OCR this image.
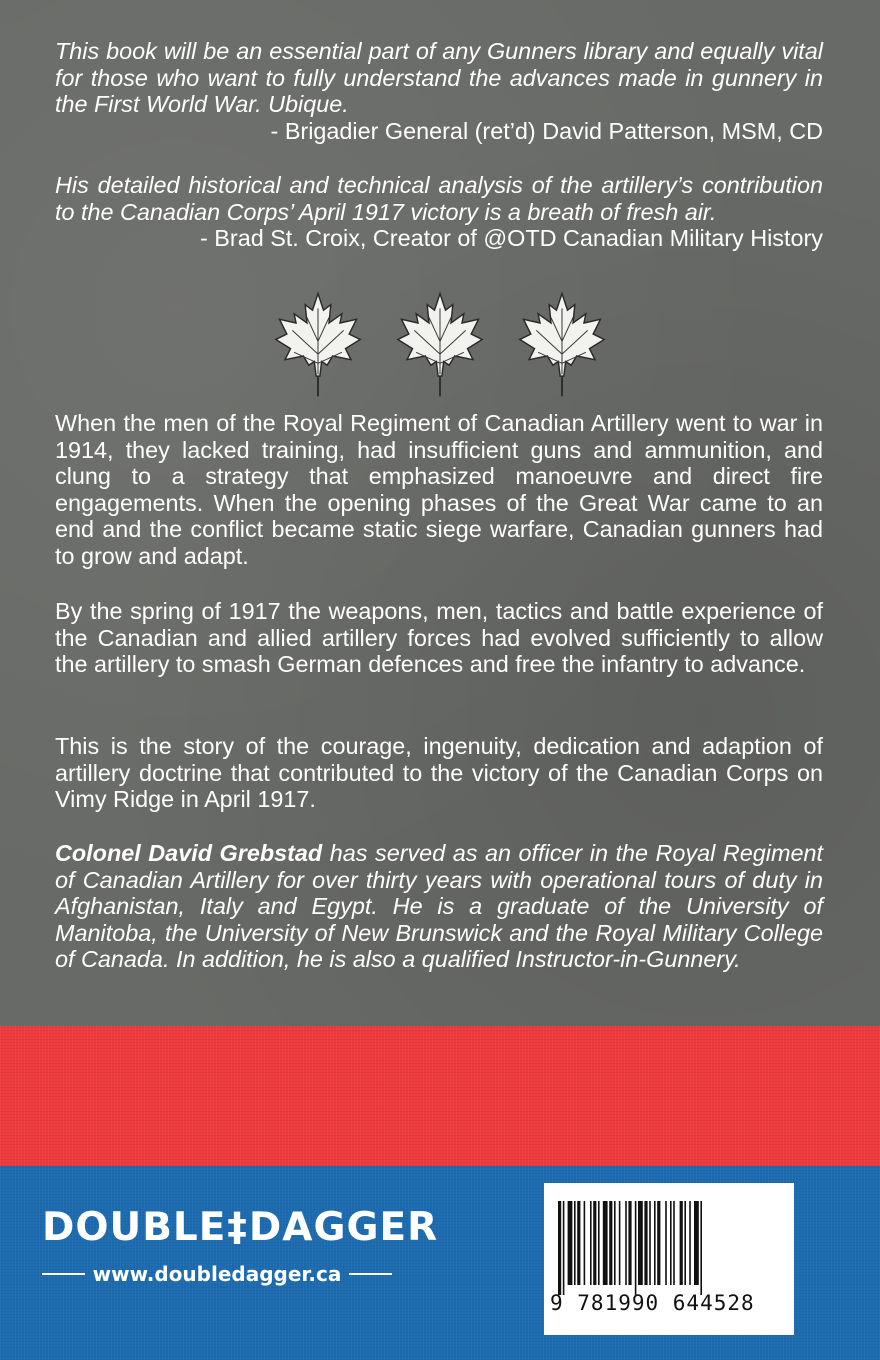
This book will be an essential part of any Gunners library and equally vital for those who want to fully understand the advances made in gunnery in the First World War. Ubique.
- Brigadier General (ret’d) David Patterson, MSM, CD
His detailed historical and technical analysis of the artillery’s contribution to the Canadian Corps’ April 1917 victory is a breath of fresh air.
- Brad St. Croix, Creator of @OTD Canadian Military History
When the men of the Royal Regiment of Canadian Artillery went to war in 1914, they lacked training, had insufficient guns and ammunition, and clung to a strategy that emphasized manoeuvre and direct fire engagements. When the opening phases of the Great War came to an end and the conflict became static siege warfare, Canadian gunners had to grow and adapt.
By the spring of 1917 the weapons, men, tactics and battle experience of the Canadian and allied artillery forces had evolved sufficiently to allow the artillery to smash German defences and free the infantry to advance.
This is the story of the courage, ingenuity, dedication and adaption of artillery doctrine that contributed to the victory of the Canadian Corps on Vimy Ridge in April 1917.
Colonel David Grebstad has served as an officer in the Royal Regiment of Canadian Artillery for over thirty years with operational tours of duty in Afghanistan, Italy and Egypt. He is a graduate of the University of Manitoba, the University of New Brunswick and the Royal Military College of Canada. In addition, he is also a qualified Instructor-in-Gunnery.
DOUBLE‡DAGGER
www.doubledagger.ca
9 781990 644528
